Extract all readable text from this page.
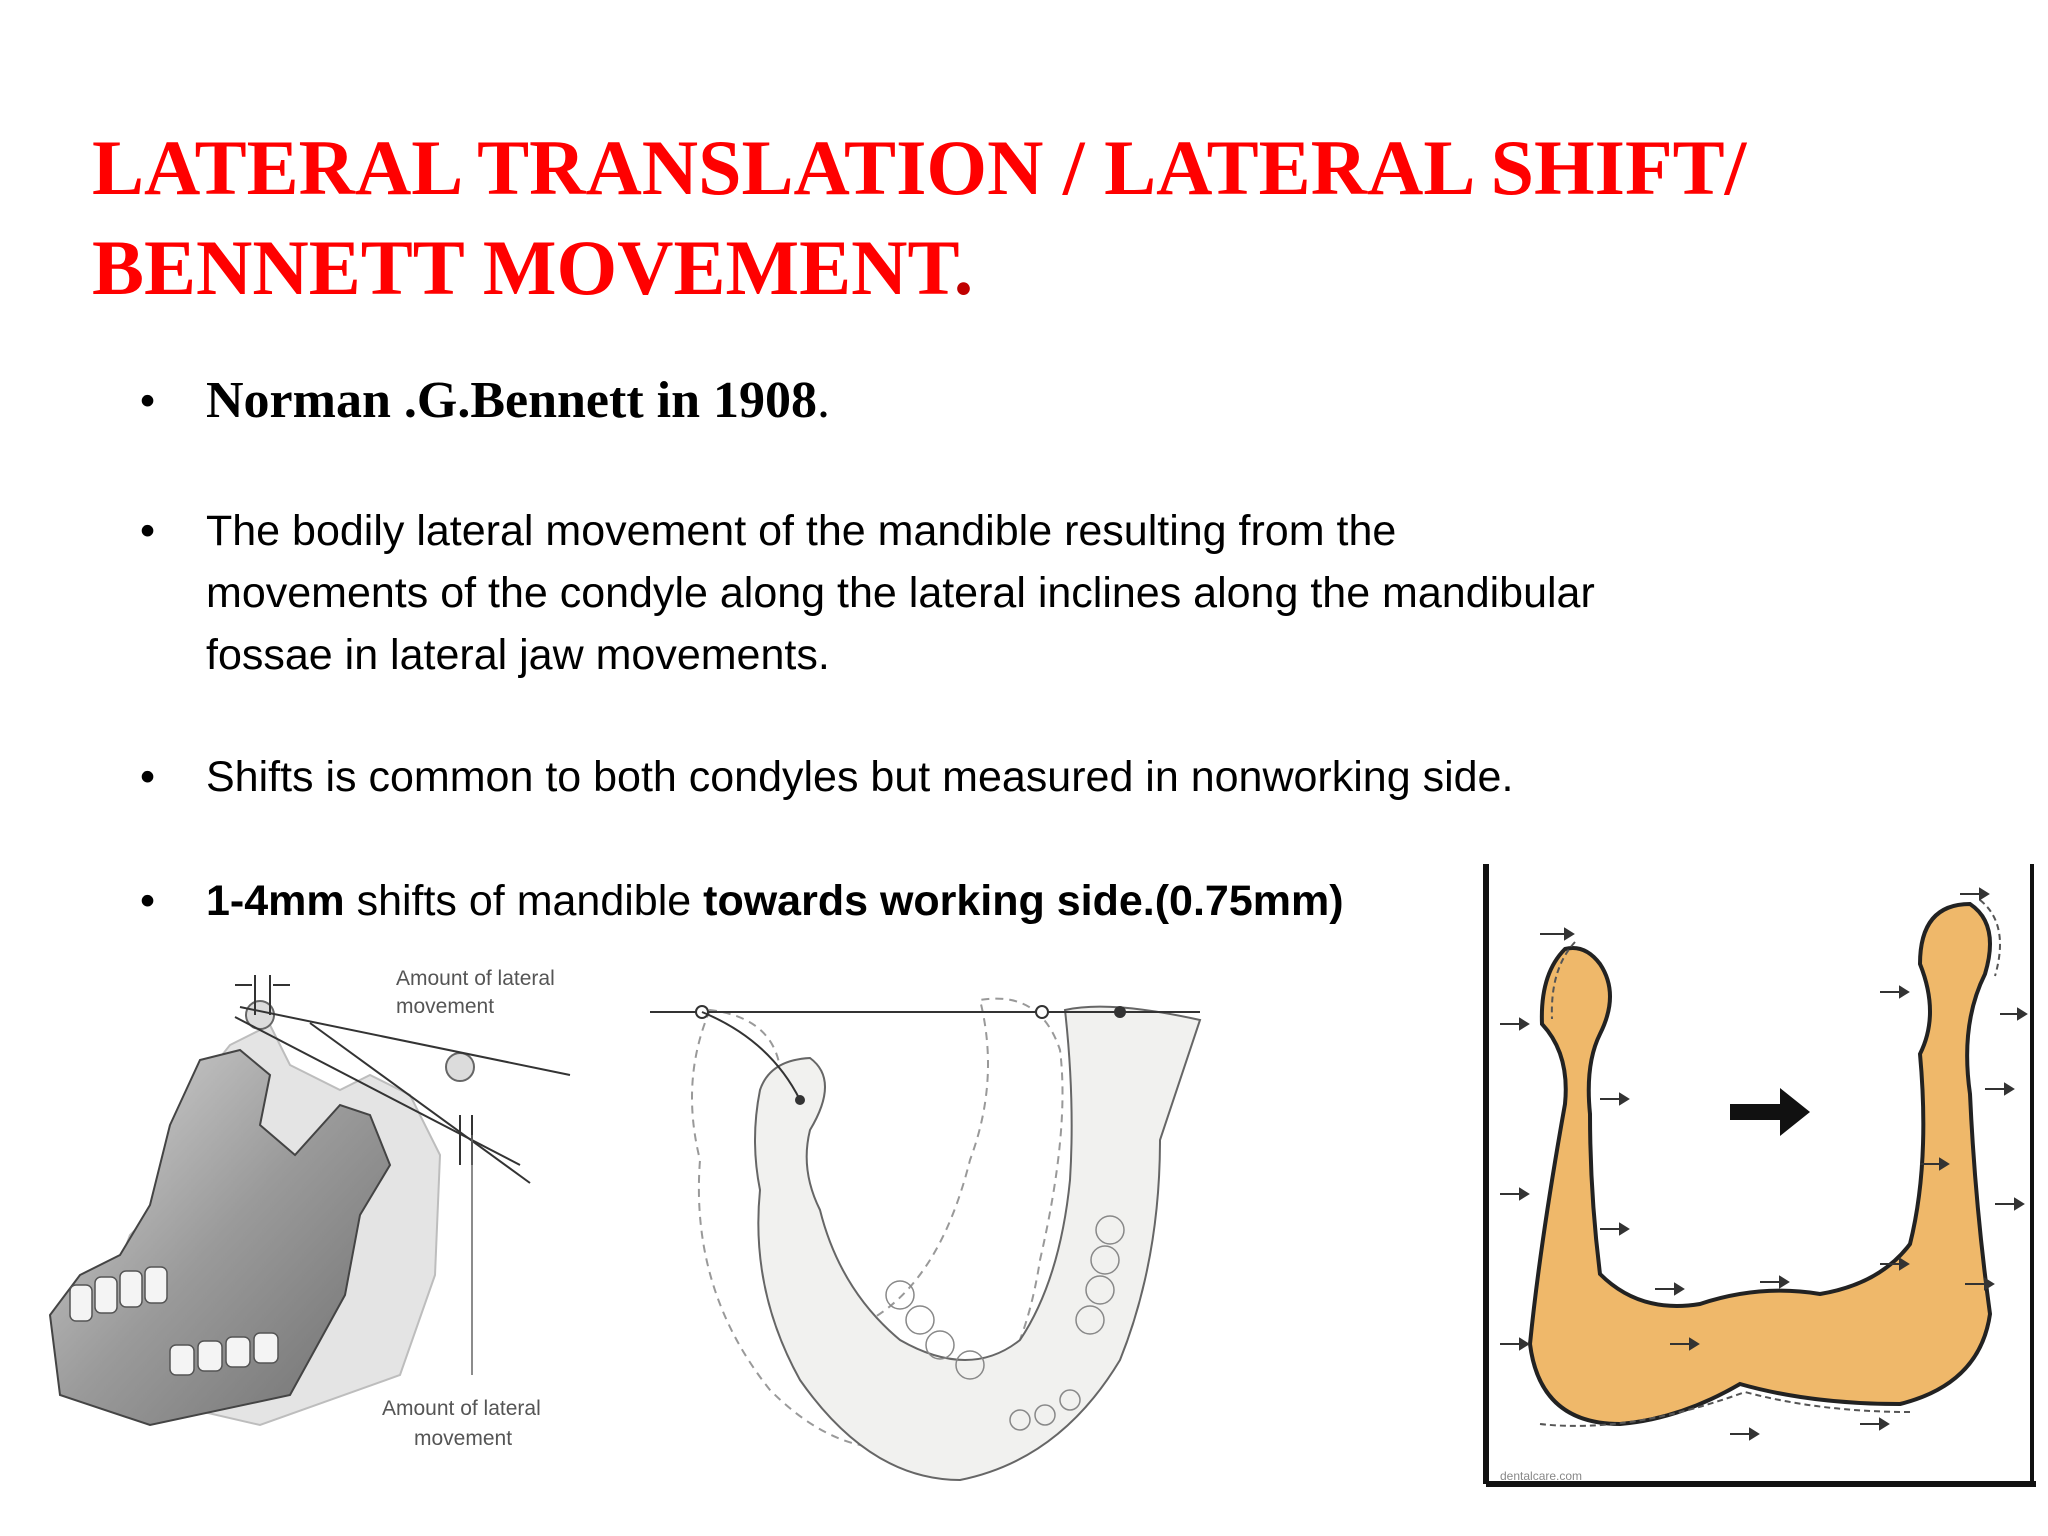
LATERAL TRANSLATION / LATERAL SHIFT/
BENNETT MOVEMENT.
• Norman .G.Bennett in 1908.
• The bodily lateral movement of the mandible resulting from the
movements of the condyle along the lateral inclines along the mandibular
fossae in lateral jaw movements.
• Shifts is common to both condyles but measured in nonworking side.
• 1-4mm shifts of mandible towards working side.(0.75mm)
Amount of lateral
movement
Amount of lateral
movement
dentalcare.com
